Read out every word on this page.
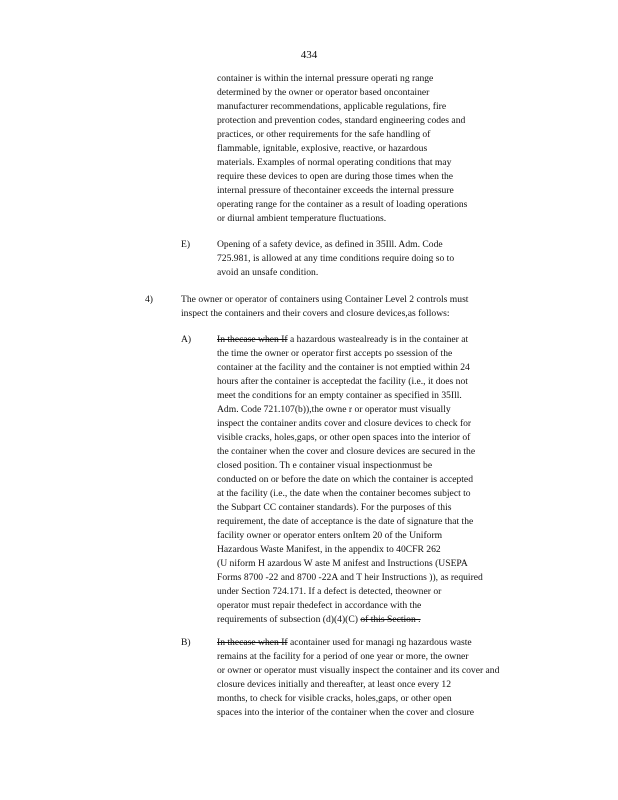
434
container is within the internal pressure operati ng range
determined by the owner or operator based oncontainer
manufacturer recommendations, applicable regulations, fire
protection and prevention codes, standard engineering codes and
practices, or other requirements for the safe handling of
flammable, ignitable, explosive, reactive, or hazardous
materials. Examples of normal operating conditions that may
require these devices to open are during those times when the
internal pressure of thecontainer exceeds the internal pressure
operating range for the container as a result of loading operations
or diurnal ambient temperature fluctuations.
E)	Opening of a safety device, as defined in 35Ill. Adm. Code
725.981, is allowed at any time conditions require doing so to
avoid an unsafe condition.
4)	The owner or operator of containers using Container Level 2 controls must
inspect the containers and their covers and closure devices,as follows:
A)	In thecase when If a hazardous wastealready is in the container at
the time the owner or operator first accepts po ssession of the
container at the facility and the container is not emptied within 24
hours after the container is acceptedat the facility (i.e., it does not
meet the conditions for an empty container as specified in 35Ill.
Adm. Code 721.107(b)),the owne r or operator must visually
inspect the container andits cover and closure devices to check for
visible cracks, holes,gaps, or other open spaces into the interior of
the container when the cover and closure devices are secured in the
closed position. Th e container visual inspectionmust be
conducted on or before the date on which the container is accepted
at the facility (i.e., the date when the container becomes subject to
the Subpart CC container standards). For the purposes of this
requirement, the date of acceptance is the date of signature that the
facility owner or operator enters onItem 20 of the Uniform
Hazardous Waste Manifest, in the appendix to 40CFR 262
(U niform H azardous W aste M anifest and Instructions (USEPA
Forms 8700 -22 and 8700 -22A and T heir Instructions )), as required
under Section 724.171. If a defect is detected, theowner or
operator must repair thedefect in accordance with the
requirements of subsection (d)(4)(C) of this Section .
B)	In thecase when If acontainer used for managi ng hazardous waste
remains at the facility for a period of one year or more, the owner
or owner or operator must visually inspect the container and its cover and
closure devices initially and thereafter, at least once every 12
months, to check for visible cracks, holes,gaps, or other open
spaces into the interior of the container when the cover and closure
